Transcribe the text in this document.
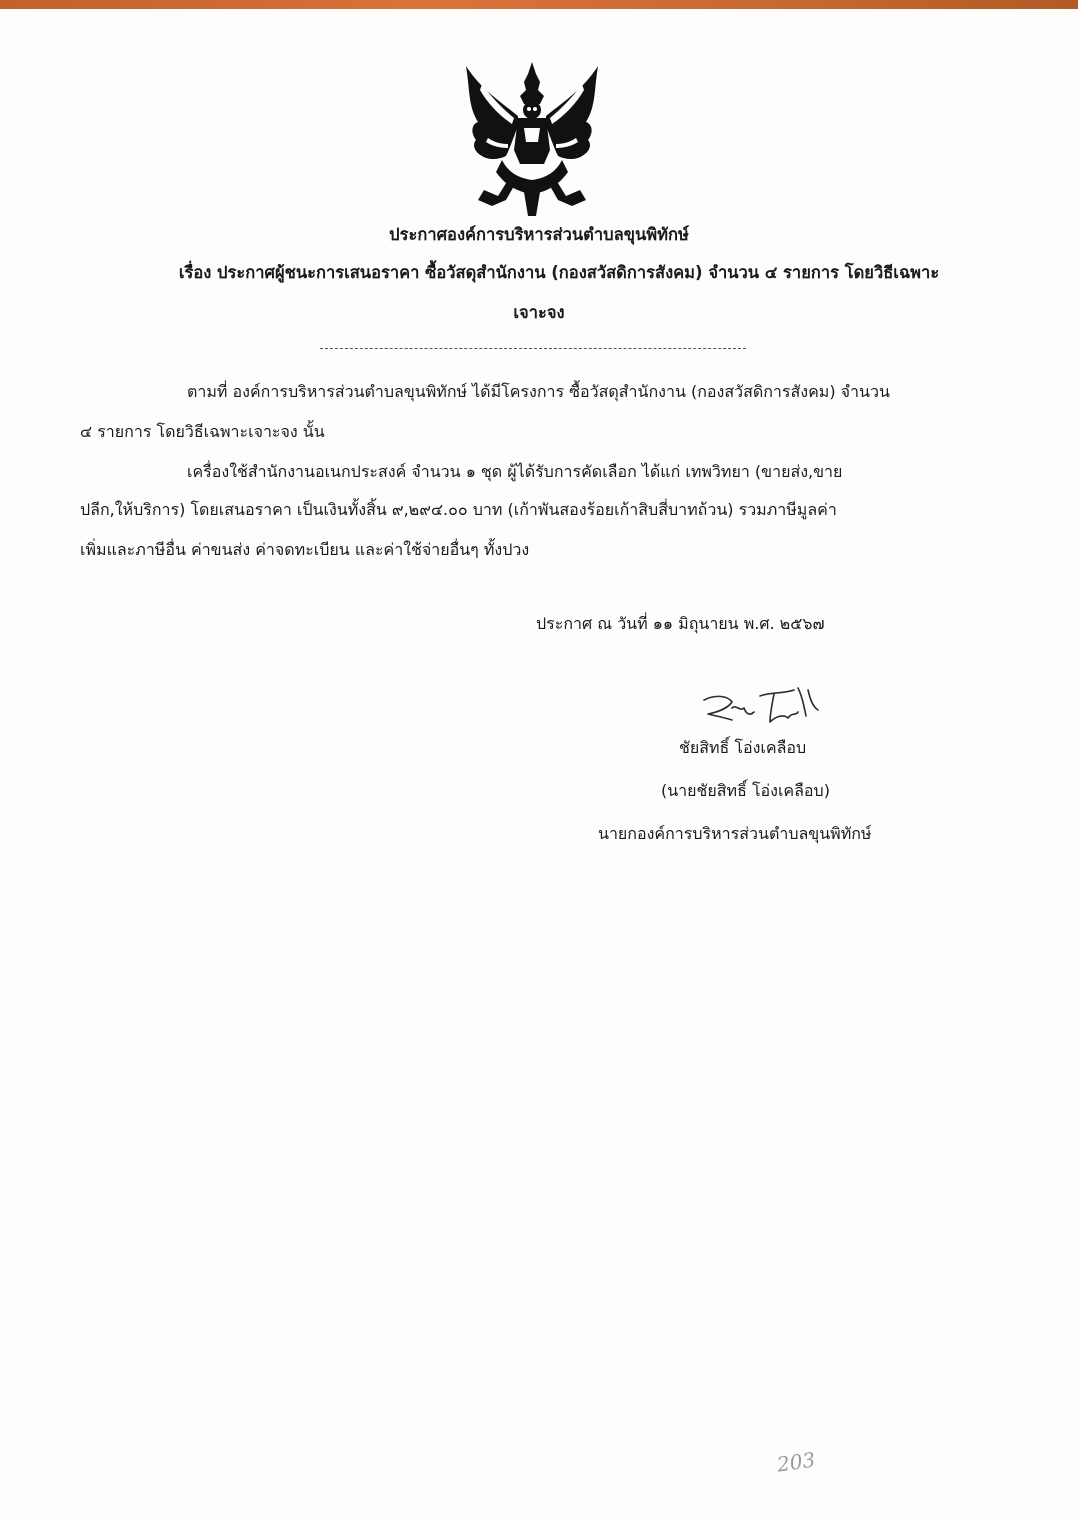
ประกาศองค์การบริหารส่วนตำบลขุนพิทักษ์
เรื่อง ประกาศผู้ชนะการเสนอราคา ซื้อวัสดุสำนักงาน (กองสวัสดิการสังคม) จำนวน ๔ รายการ โดยวิธีเฉพาะ
เจาะจง
ตามที่ องค์การบริหารส่วนตำบลขุนพิทักษ์ ได้มีโครงการ ซื้อวัสดุสำนักงาน (กองสวัสดิการสังคม) จำนวน
๔ รายการ โดยวิธีเฉพาะเจาะจง นั้น
เครื่องใช้สำนักงานอเนกประสงค์ จำนวน ๑ ชุด ผู้ได้รับการคัดเลือก ได้แก่ เทพวิทยา (ขายส่ง,ขาย
ปลีก,ให้บริการ) โดยเสนอราคา เป็นเงินทั้งสิ้น ๙,๒๙๔.๐๐ บาท (เก้าพันสองร้อยเก้าสิบสี่บาทถ้วน) รวมภาษีมูลค่า
เพิ่มและภาษีอื่น ค่าขนส่ง ค่าจดทะเบียน และค่าใช้จ่ายอื่นๆ ทั้งปวง
ประกาศ ณ วันที่ ๑๑ มิถุนายน พ.ศ. ๒๕๖๗
ชัยสิทธิ์ โอ่งเคลือบ
(นายชัยสิทธิ์ โอ่งเคลือบ)
นายกองค์การบริหารส่วนตำบลขุนพิทักษ์
203
